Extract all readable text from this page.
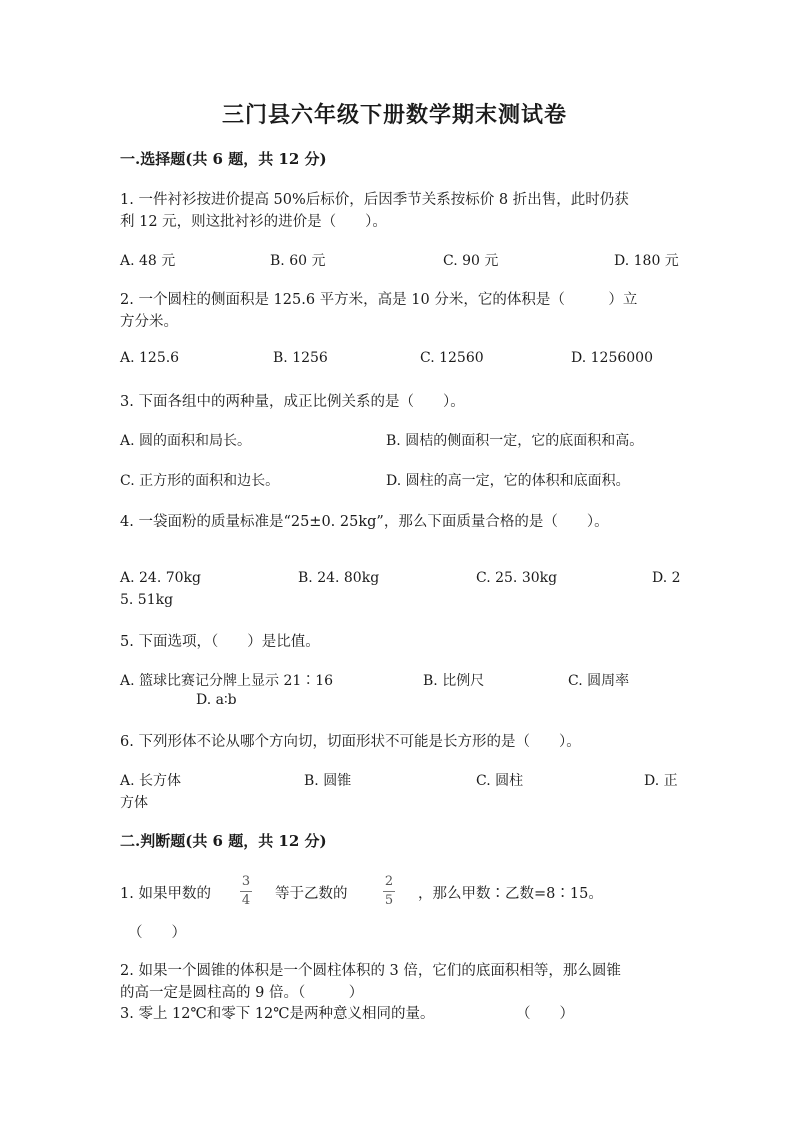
三门县六年级下册数学期末测试卷
一.选择题(共 6 题，共 12 分)
1. 一件衬衫按进价提高 50%后标价，后因季节关系按标价 8 折出售，此时仍获
利 12 元，则这批衬衫的进价是（　　）。
A. 48 元	B. 60 元	C. 90 元	D. 180 元
2. 一个圆柱的侧面积是 125.6 平方米，高是 10 分米，它的体积是（　　　）立
方分米。
A. 125.6	B. 1256	C. 12560	D. 1256000
3. 下面各组中的两种量，成正比例关系的是（　　）。
A. 圆的面积和局长。	B. 圆桔的侧面积一定，它的底面积和高。
C. 正方形的面积和边长。	D. 圆柱的高一定，它的体积和底面积。
4. 一袋面粉的质量标准是“25±0. 25kg”，那么下面质量合格的是（　　）。
A. 24. 70kg	B. 24. 80kg	C. 25. 30kg	D. 2
5. 51kg
5. 下面选项，（　　）是比值。
A. 篮球比赛记分牌上显示 21∶16	B. 比例尺	C. 圆周率
D. a∶b
6. 下列形体不论从哪个方向切，切面形状不可能是长方形的是（　　）。
A. 长方体	B. 圆锥	C. 圆柱	D. 正
方体
二.判断题(共 6 题，共 12 分)
1. 如果甲数的
3
4 等于乙数的
2
5 ，那么甲数∶乙数=8∶15。
（　　）
2. 如果一个圆锥的体积是一个圆柱体积的 3 倍，它们的底面积相等，那么圆锥
的高一定是圆柱高的 9 倍。（　　　）
3. 零上 12℃和零下 12℃是两种意义相同的量。	（　　）
